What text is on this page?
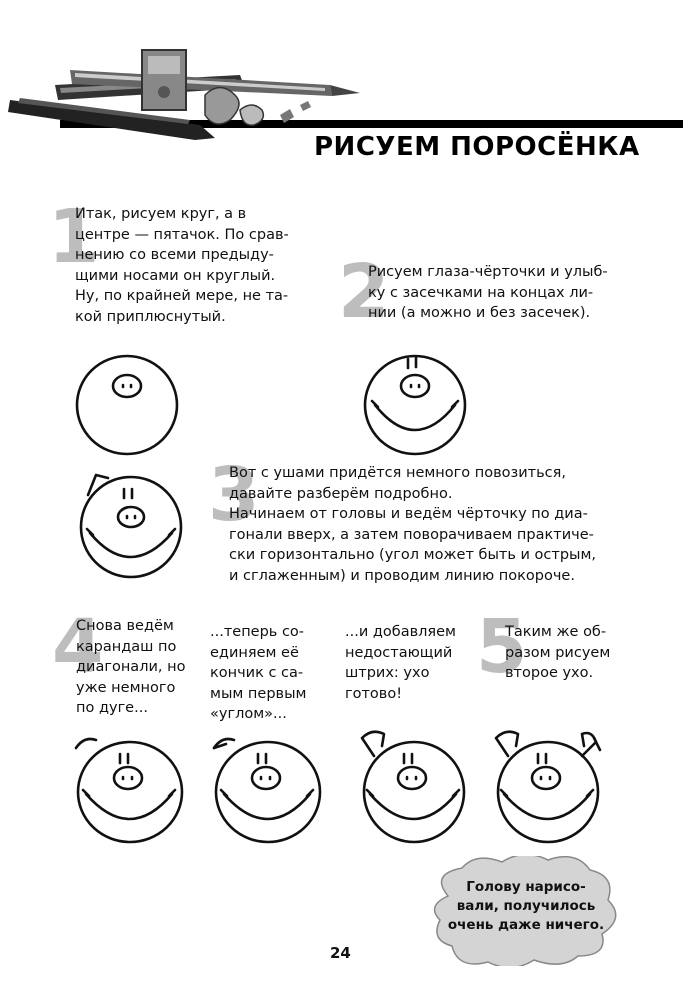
РИСУЕМ ПОРОСЁНКА
1
Итак, рисуем круг, а в
центре — пятачок. По срав-
нению со всеми предыду-
щими носами он круглый.
Ну, по крайней мере, не та-
кой приплюснутый.	2
Рисуем глаза-чёрточки и улыб-
ку с засечками на концах ли-
нии (а можно и без засечек).
3
Вот с ушами придётся немного повозиться,
давайте разберём подробно.
Начинаем от головы и ведём чёрточку по диа-
гонали вверх, а затем поворачиваем практиче-
ски горизонтально (угол может быть и острым,
и сглаженным) и проводим линию покороче.
4
Снова ведём
карандаш по
диагонали, но
уже немного
по дуге...
...теперь со-
единяем её
кончик с са-
мым первым
«углом»...
...и добавляем
недостающий
штрих: ухо
готово!
5
Таким же об-
разом рисуем
второе ухо.
Голову нарисо-
вали, получилось
очень даже ничего.
24
